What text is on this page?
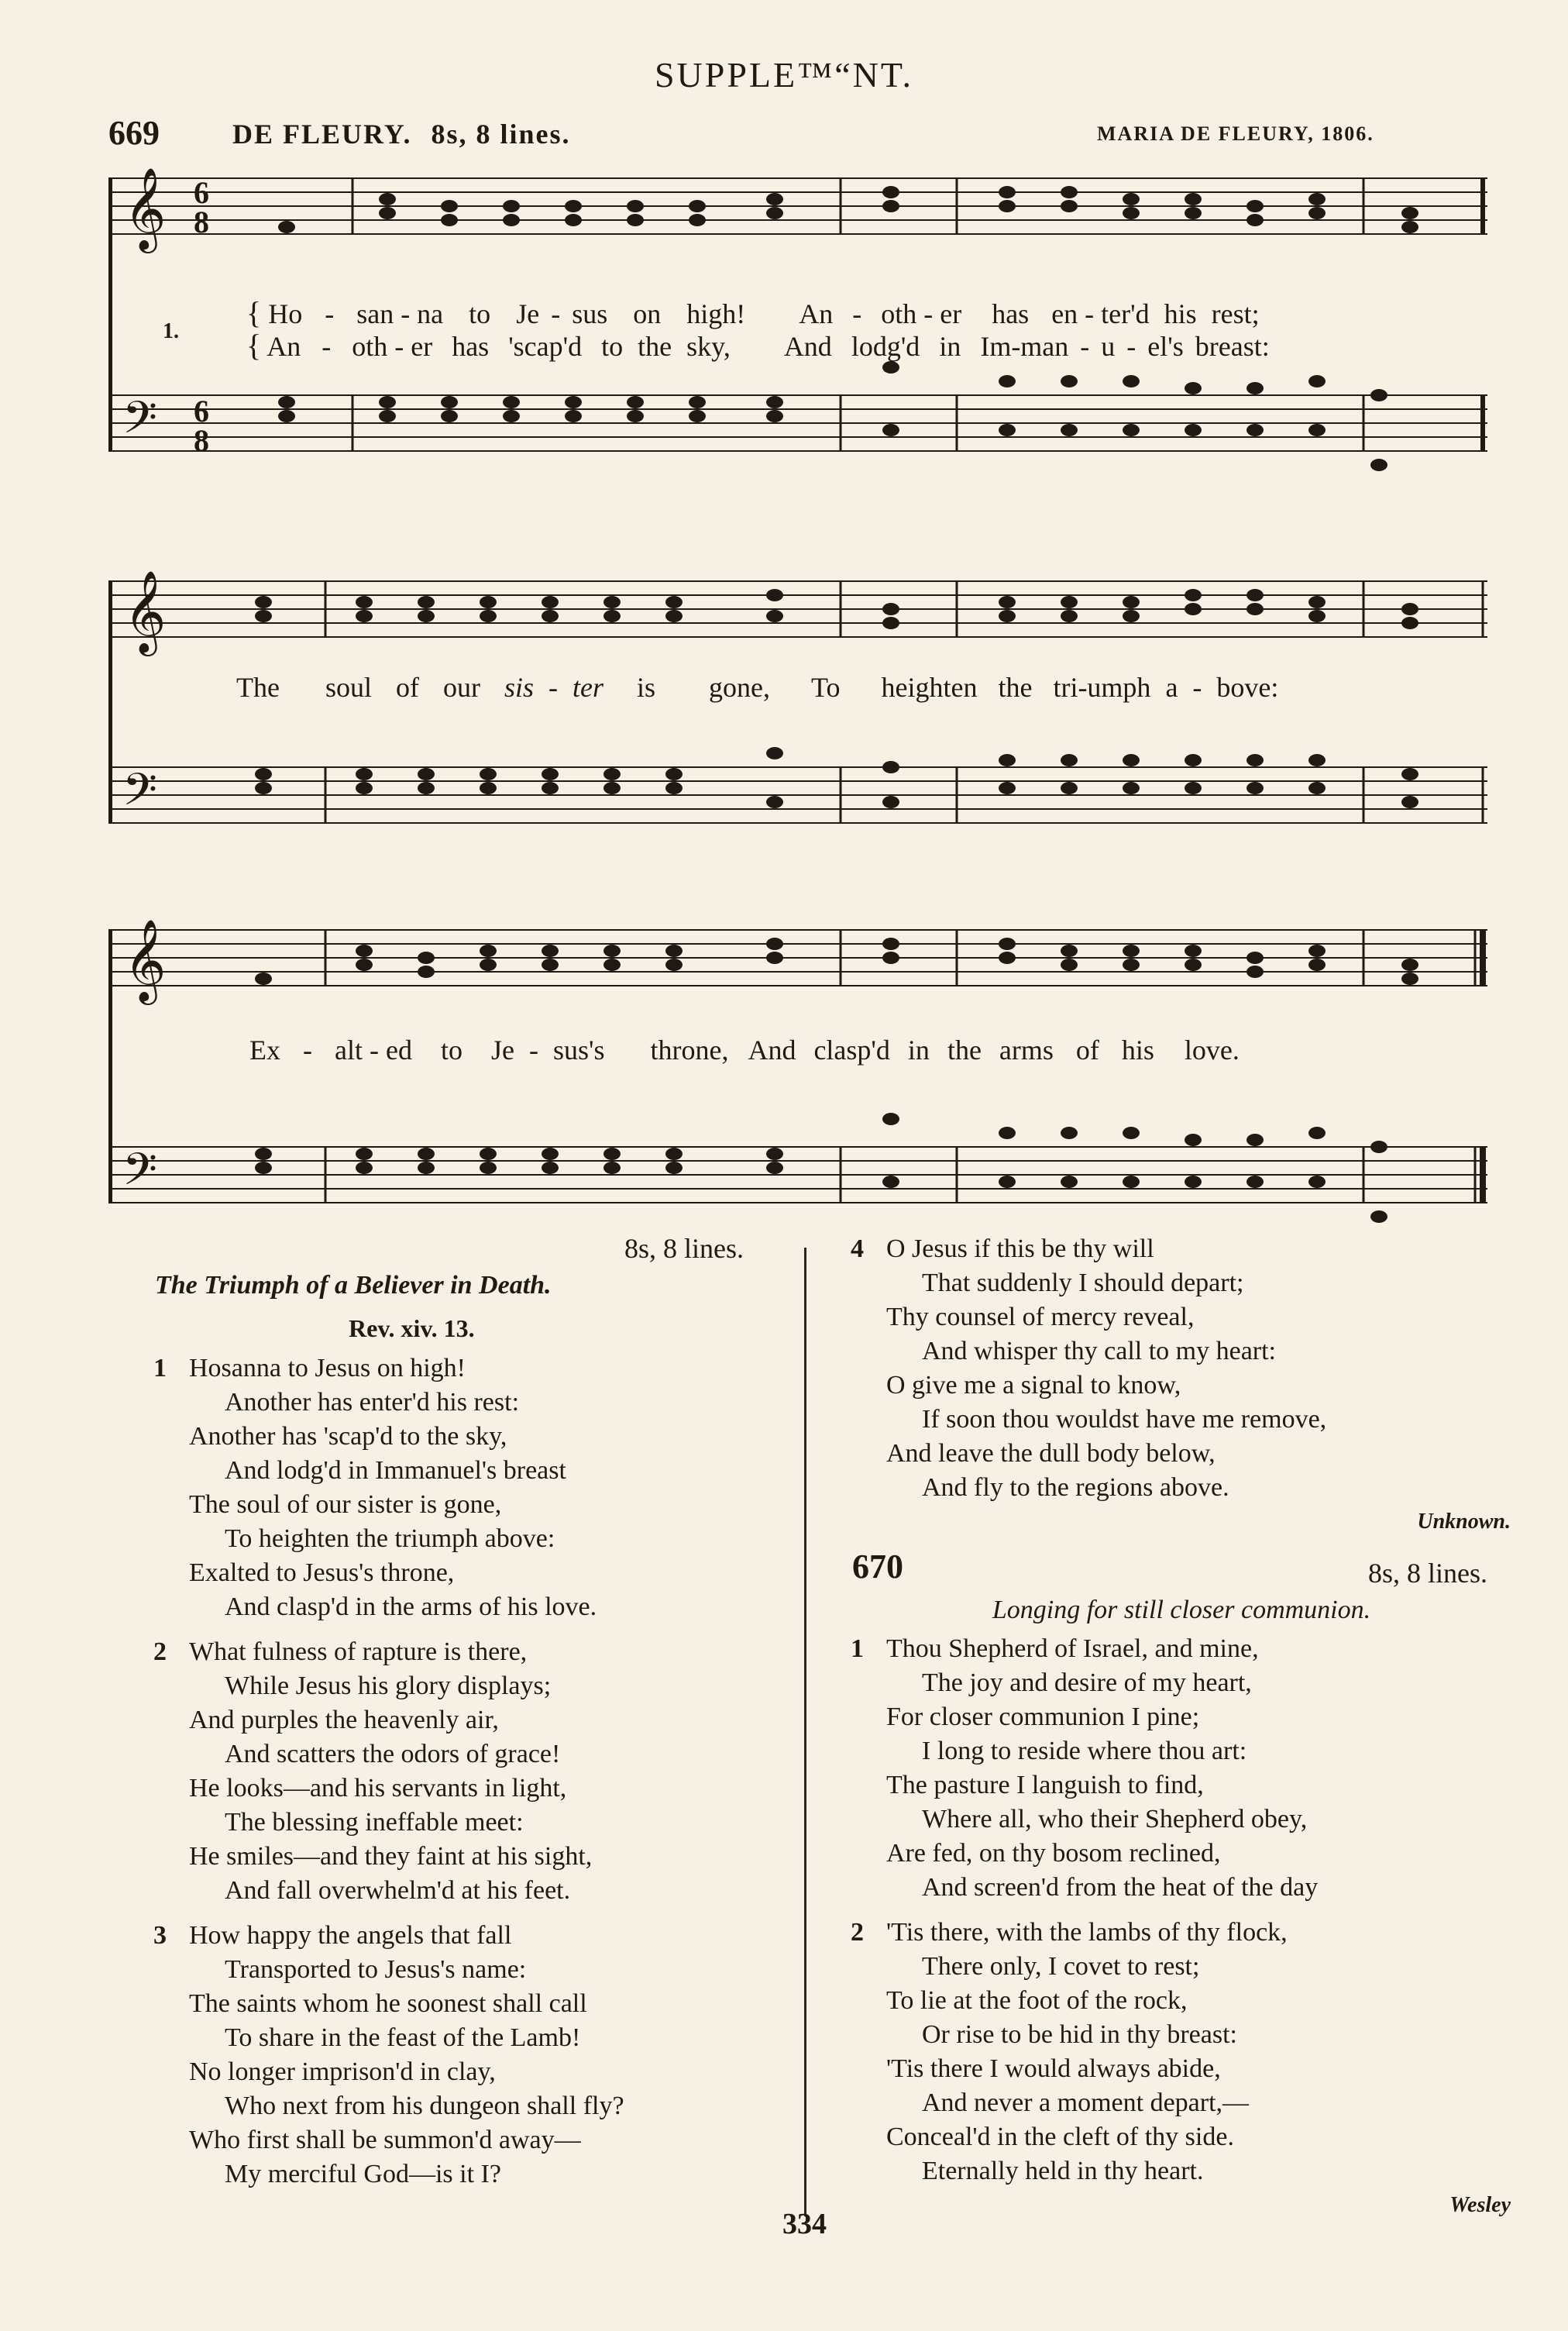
SUPPLE™“NT.
669	DE FLEURY. 8s, 8 lines.	MARIA DE FLEURY, 1806.
𝄞
𝄢
6
8
6
8
1.
{ Ho - san - na to Je - sus on high! An - oth - er has en - ter'd his rest;
{ An - oth - er has 'scap'd to the sky, And lodg'd in Im-man - u - el's breast:
𝄞
𝄢
The soul of our sis - ter is gone, To heighten the tri-umph a - bove:
𝄞
𝄢
Ex - alt - ed to Je - sus's throne, And clasp'd in the arms of his love.
8s, 8 lines.
The Triumph of a Believer in Death.
Rev. xiv. 13.
1 Hosanna to Jesus on high!
Another has enter'd his rest:
Another has 'scap'd to the sky,
And lodg'd in Immanuel's breast
The soul of our sister is gone,
To heighten the triumph above:
Exalted to Jesus's throne,
And clasp'd in the arms of his love.
2 What fulness of rapture is there,
While Jesus his glory displays;
And purples the heavenly air,
And scatters the odors of grace!
He looks—and his servants in light,
The blessing ineffable meet:
He smiles—and they faint at his sight,
And fall overwhelm'd at his feet.
3 How happy the angels that fall
Transported to Jesus's name:
The saints whom he soonest shall call
To share in the feast of the Lamb!
No longer imprison'd in clay,
Who next from his dungeon shall fly?
Who first shall be summon'd away—
My merciful God—is it I?
4 O Jesus if this be thy will
That suddenly I should depart;
Thy counsel of mercy reveal,
And whisper thy call to my heart:
O give me a signal to know,
If soon thou wouldst have me remove,
And leave the dull body below,
And fly to the regions above.
Unknown.
670	8s, 8 lines.
Longing for still closer communion.
1 Thou Shepherd of Israel, and mine,
The joy and desire of my heart,
For closer communion I pine;
I long to reside where thou art:
The pasture I languish to find,
Where all, who their Shepherd obey,
Are fed, on thy bosom reclined,
And screen'd from the heat of the day
2 'Tis there, with the lambs of thy flock,
There only, I covet to rest;
To lie at the foot of the rock,
Or rise to be hid in thy breast:
'Tis there I would always abide,
And never a moment depart,—
Conceal'd in the cleft of thy side.
Eternally held in thy heart.
Wesley
334
